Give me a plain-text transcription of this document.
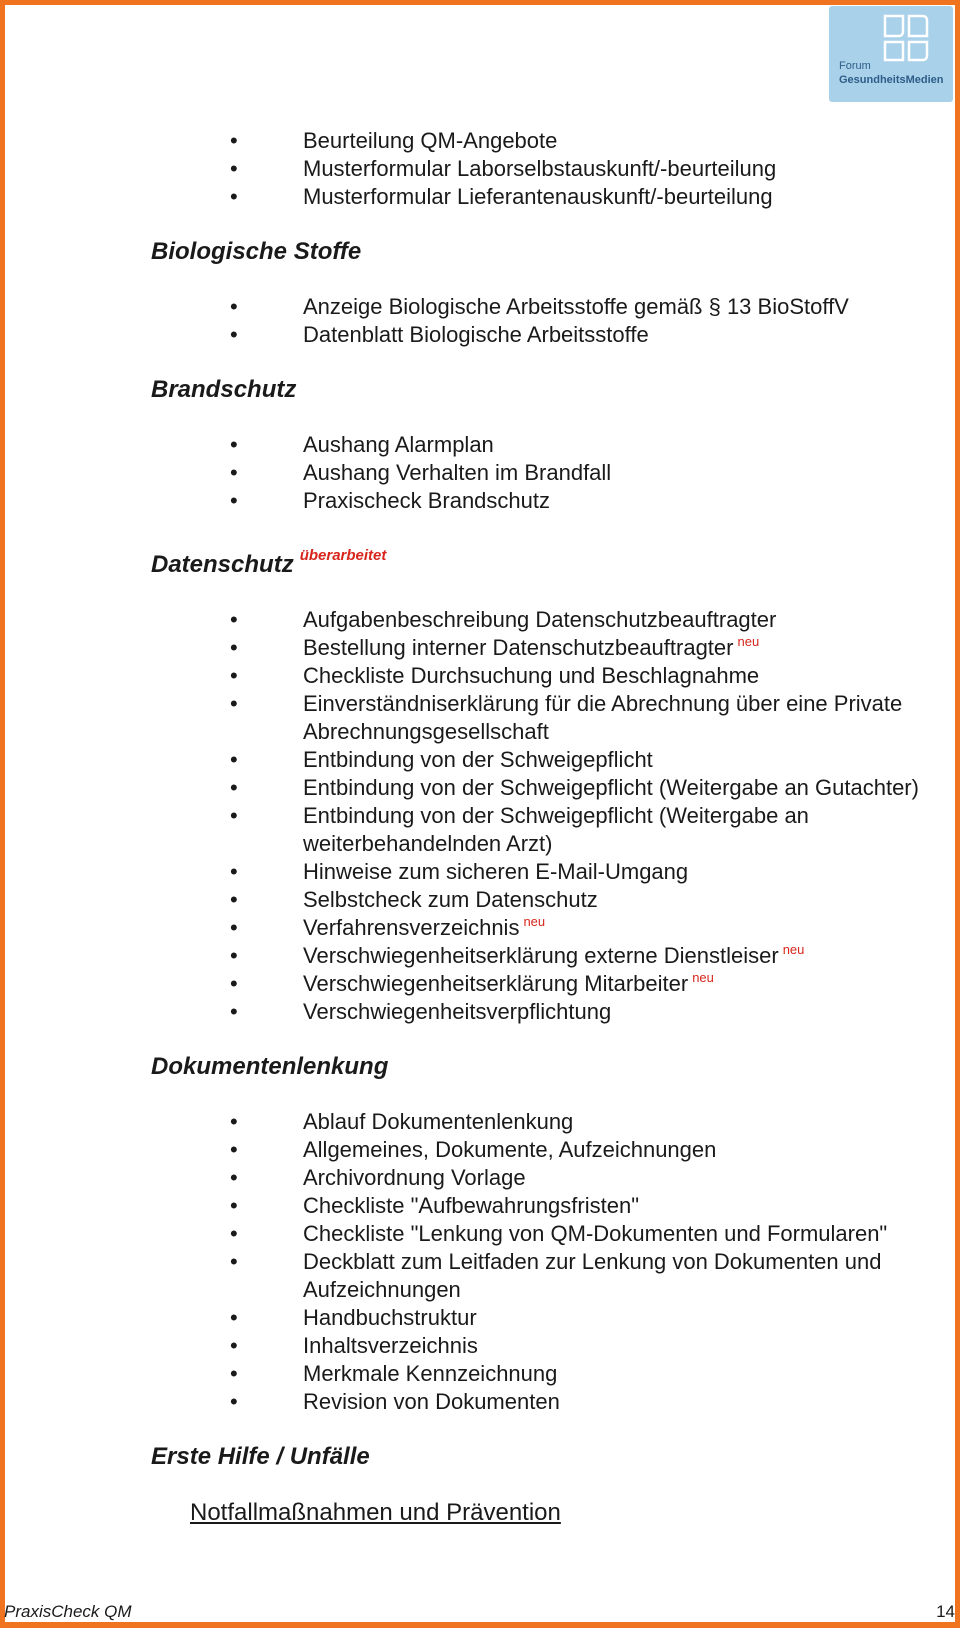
Forum
GesundheitsMedien
•	Beurteilung QM-Angebote
•	Musterformular Laborselbstauskunft/-beurteilung
•	Musterformular Lieferantenauskunft/-beurteilung
Biologische Stoffe
•	Anzeige Biologische Arbeitsstoffe gemäß § 13 BioStoffV
•	Datenblatt Biologische Arbeitsstoffe
Brandschutz
•	Aushang Alarmplan
•	Aushang Verhalten im Brandfall
•	Praxischeck Brandschutz
Datenschutz $^{überarbeitet}$
•	Aufgabenbeschreibung Datenschutzbeauftragter
•	Bestellung interner Datenschutzbeauftragter $^{neu}$
•	Checkliste Durchsuchung und Beschlagnahme
•	Einverständniserklärung für die Abrechnung über eine Private Abrechnungsgesellschaft
•	Entbindung von der Schweigepflicht
•	Entbindung von der Schweigepflicht (Weitergabe an Gutachter)
•	Entbindung von der Schweigepflicht (Weitergabe an weiterbehandelnden Arzt)
•	Hinweise zum sicheren E-Mail-Umgang
•	Selbstcheck zum Datenschutz
•	Verfahrensverzeichnis $^{neu}$
•	Verschwiegenheitserklärung externe Dienstleiser $^{neu}$
•	Verschwiegenheitserklärung Mitarbeiter $^{neu}$
•	Verschwiegenheitsverpflichtung
Dokumentenlenkung
•	Ablauf Dokumentenlenkung
•	Allgemeines, Dokumente, Aufzeichnungen
•	Archivordnung Vorlage
•	Checkliste "Aufbewahrungsfristen"
•	Checkliste "Lenkung von QM-Dokumenten und Formularen"
•	Deckblatt zum Leitfaden zur Lenkung von Dokumenten und Aufzeichnungen
•	Handbuchstruktur
•	Inhaltsverzeichnis
•	Merkmale Kennzeichnung
•	Revision von Dokumenten
Erste Hilfe / Unfälle
Notfallmaßnahmen und Prävention
PraxisCheck QM	14
